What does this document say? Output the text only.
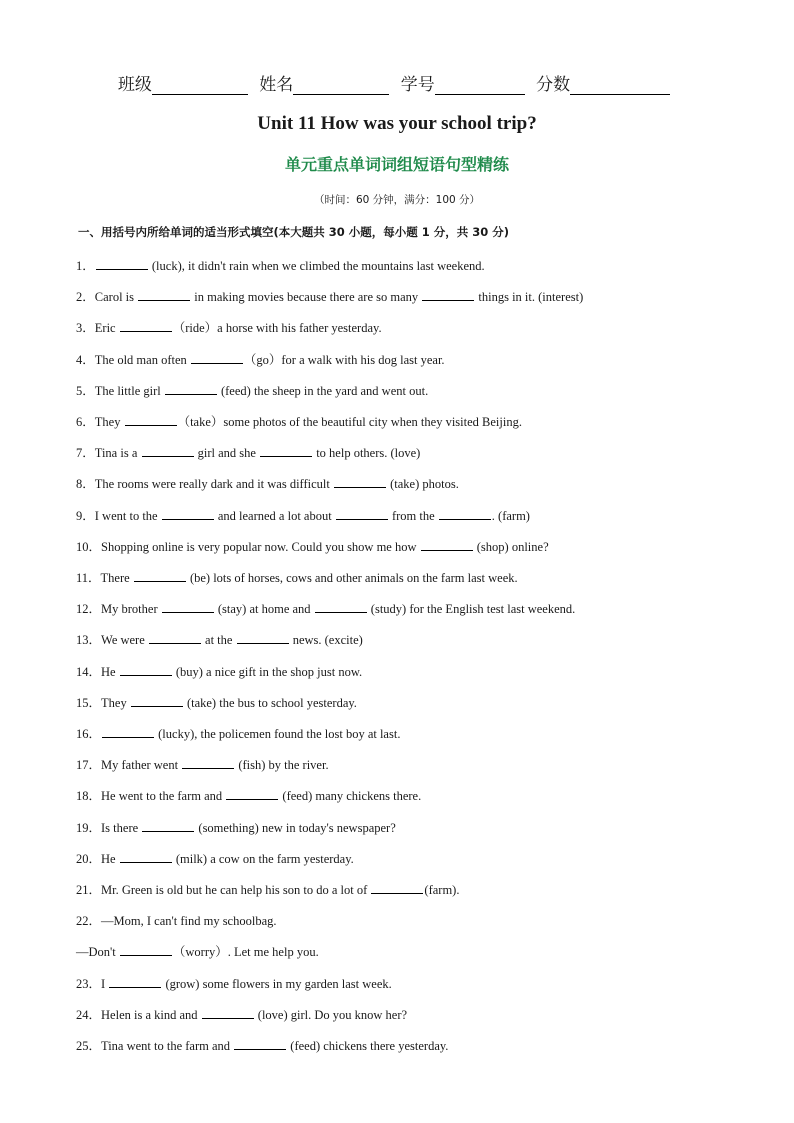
班级	姓名	学号	分数
Unit 11 How was your school trip?
单元重点单词词组短语句型精练
（时间：60 分钟，满分：100 分）
一、用括号内所给单词的适当形式填空(本大题共 30 小题，每小题 1 分，共 30 分)
1．	(luck), it didn't rain when we climbed the mountains last weekend.
2．Carol is	in making movies because there are so many	things in it. (interest)
3．Eric	（ride）a horse with his father yesterday.
4．The old man often	（go）for a walk with his dog last year.
5．The little girl	(feed) the sheep in the yard and went out.
6．They	（take）some photos of the beautiful city when they visited Beijing.
7．Tina is a	girl and she	to help others. (love)
8．The rooms were really dark and it was difficult	(take) photos.
9．I went to the	and learned a lot about	from the	. (farm)
10．Shopping online is very popular now. Could you show me how	(shop) online?
11．There	(be) lots of horses, cows and other animals on the farm last week.
12．My brother	(stay) at home and	(study) for the English test last weekend.
13．We were	at the	news. (excite)
14．He	(buy) a nice gift in the shop just now.
15．They	(take) the bus to school yesterday.
16．	(lucky), the policemen found the lost boy at last.
17．My father went	(fish) by the river.
18．He went to the farm and	(feed) many chickens there.
19．Is there	(something) new in today's newspaper?
20．He	(milk) a cow on the farm yesterday.
21．Mr. Green is old but he can help his son to do a lot of	(farm).
22．—Mom, I can't find my schoolbag.
—Don't	（worry）. Let me help you.
23．I	(grow) some flowers in my garden last week.
24．Helen is a kind and	(love) girl. Do you know her?
25．Tina went to the farm and	(feed) chickens there yesterday.
